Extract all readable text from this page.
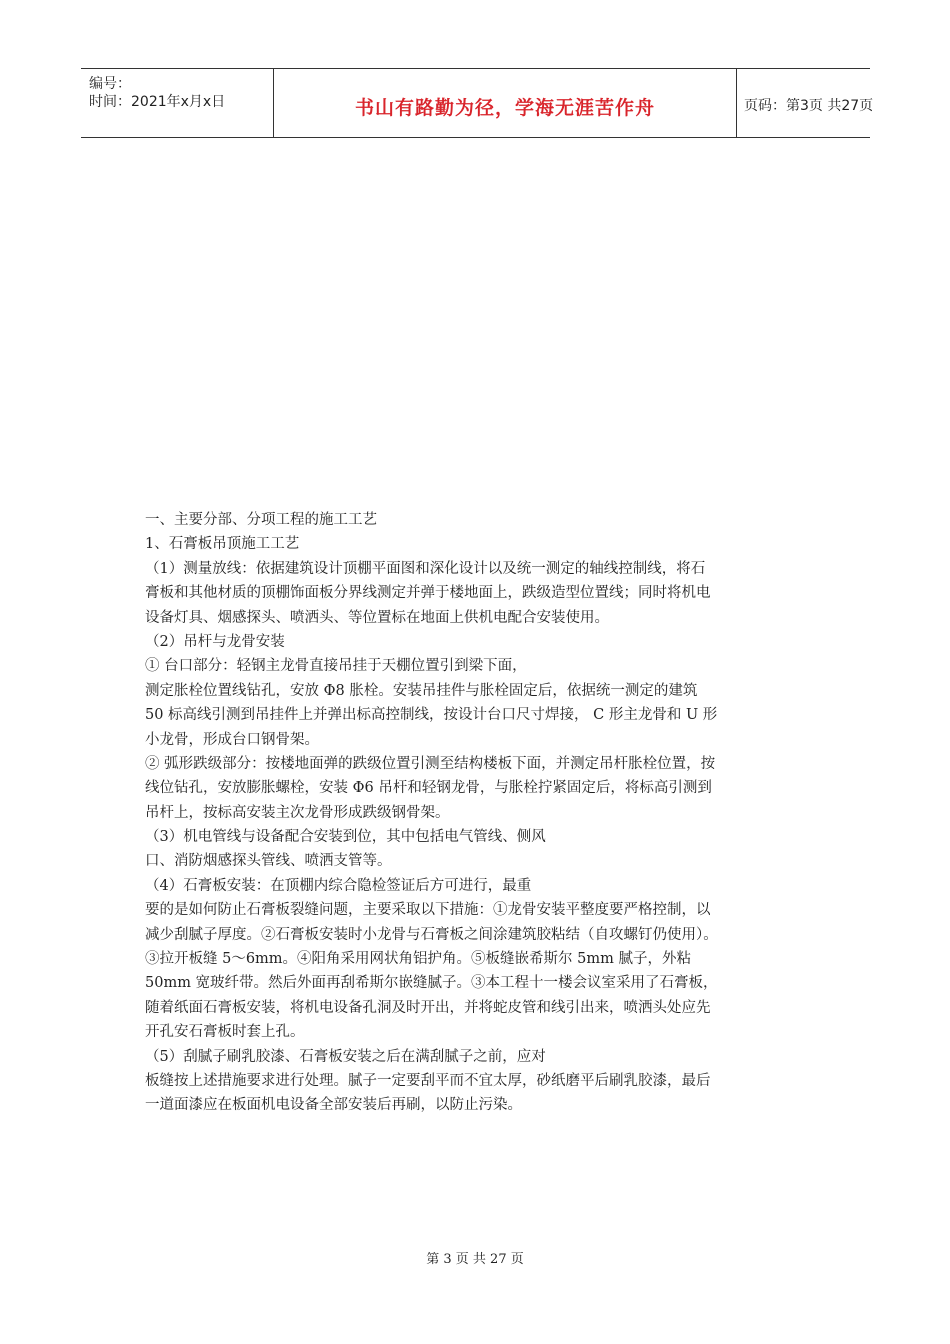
编号：
时间：2021年x月x日	书山有路勤为径，学海无涯苦作舟	页码：第3页 共27页
一、主要分部、分项工程的施工工艺
1、石膏板吊顶施工工艺
（1）测量放线：依据建筑设计顶棚平面图和深化设计以及统一测定的轴线控制线，将石
膏板和其他材质的顶棚饰面板分界线测定并弹于楼地面上，跌级造型位置线；同时将机电
设备灯具、烟感探头、喷洒头、等位置标在地面上供机电配合安装使用。
（2）吊杆与龙骨安装
① 台口部分：轻钢主龙骨直接吊挂于天棚位置引到梁下面，
测定胀栓位置线钻孔，安放 Φ8 胀栓。安装吊挂件与胀栓固定后，依据统一测定的建筑
50 标高线引测到吊挂件上并弹出标高控制线，按设计台口尺寸焊接， C 形主龙骨和 U 形
小龙骨，形成台口钢骨架。
② 弧形跌级部分：按楼地面弹的跌级位置引测至结构楼板下面，并测定吊杆胀栓位置，按
线位钻孔，安放膨胀螺栓，安装 Φ6 吊杆和轻钢龙骨，与胀栓拧紧固定后，将标高引测到
吊杆上，按标高安装主次龙骨形成跌级钢骨架。
（3）机电管线与设备配合安装到位，其中包括电气管线、侧风
口、消防烟感探头管线、喷洒支管等。
（4）石膏板安装：在顶棚内综合隐检签证后方可进行，最重
要的是如何防止石膏板裂缝问题，主要采取以下措施：①龙骨安装平整度要严格控制，以
减少刮腻子厚度。②石膏板安装时小龙骨与石膏板之间涂建筑胶粘结（自攻螺钉仍使用）。
③拉开板缝 5～6mm。④阳角采用网状角铝护角。⑤板缝嵌希斯尔 5mm 腻子，外粘
50mm 宽玻纤带。然后外面再刮希斯尔嵌缝腻子。③本工程十一楼会议室采用了石膏板，
随着纸面石膏板安装，将机电设备孔洞及时开出，并将蛇皮管和线引出来，喷洒头处应先
开孔安石膏板时套上孔。
（5）刮腻子刷乳胶漆、石膏板安装之后在满刮腻子之前，应对
板缝按上述措施要求进行处理。腻子一定要刮平而不宜太厚，砂纸磨平后刷乳胶漆，最后
一道面漆应在板面机电设备全部安装后再刷，以防止污染。
第 3 页 共 27 页
